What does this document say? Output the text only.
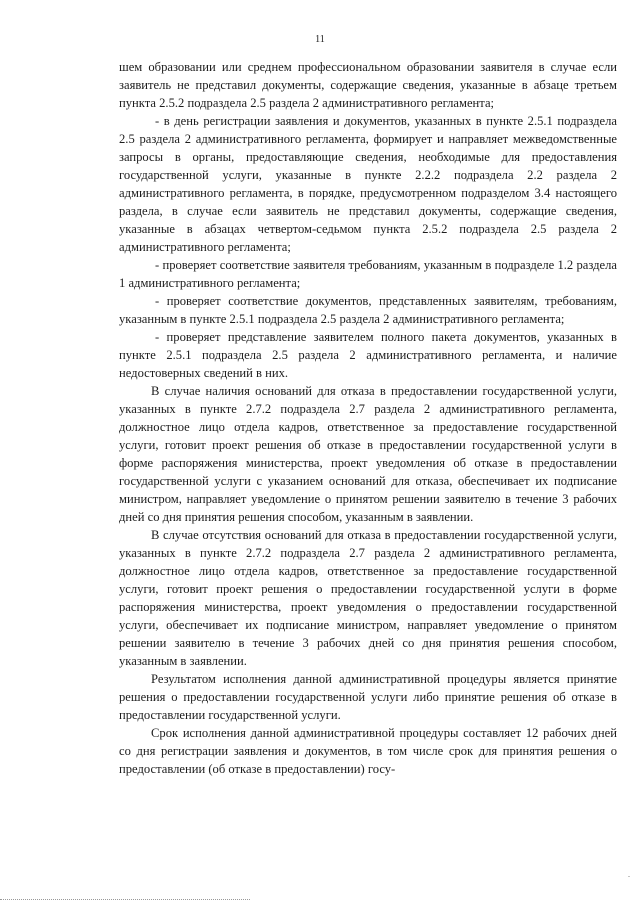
11

шем образовании или среднем профессиональном образовании заявителя в случае если заявитель не представил документы, содержащие сведения, указанные в абзаце третьем пункта 2.5.2 подраздела 2.5 раздела 2 административного регламента;

- в день регистрации заявления и документов, указанных в пункте 2.5.1 подраздела 2.5 раздела 2 административного регламента, формирует и направляет межведомственные запросы в органы, предоставляющие сведения, необходимые для предоставления государственной услуги, указанные в пункте 2.2.2 подраздела 2.2 раздела 2 административного регламента, в порядке, предусмотренном подразделом 3.4 настоящего раздела, в случае если заявитель не представил документы, содержащие сведения, указанные в абзацах четвертом-седьмом пункта 2.5.2 подраздела 2.5 раздела 2 административного регламента;

- проверяет соответствие заявителя требованиям, указанным в подразделе 1.2 раздела 1 административного регламента;

- проверяет соответствие документов, представленных заявителям, требованиям, указанным в пункте 2.5.1 подраздела 2.5 раздела 2 административного регламента;

- проверяет представление заявителем полного пакета документов, указанных в пункте 2.5.1 подраздела 2.5 раздела 2 административного регламента, и наличие недостоверных сведений в них.

В случае наличия оснований для отказа в предоставлении государственной услуги, указанных в пункте 2.7.2 подраздела 2.7 раздела 2 административного регламента, должностное лицо отдела кадров, ответственное за предоставление государственной услуги, готовит проект решения об отказе в предоставлении государственной услуги в форме распоряжения министерства, проект уведомления об отказе в предоставлении государственной услуги с указанием оснований для отказа, обеспечивает их подписание министром, направляет уведомление о принятом решении заявителю в течение 3 рабочих дней со дня принятия решения способом, указанным в заявлении.

В случае отсутствия оснований для отказа в предоставлении государственной услуги, указанных в пункте 2.7.2 подраздела 2.7 раздела 2 административного регламента, должностное лицо отдела кадров, ответственное за предоставление государственной услуги, готовит проект решения о предоставлении государственной услуги в форме распоряжения министерства, проект уведомления о предоставлении государственной услуги, обеспечивает их подписание министром, направляет уведомление о принятом решении заявителю в течение 3 рабочих дней со дня принятия решения способом, указанным в заявлении.

Результатом исполнения данной административной процедуры является принятие решения о предоставлении государственной услуги либо принятие решения об отказе в предоставлении государственной услуги.

Срок исполнения данной административной процедуры составляет 12 рабочих дней со дня регистрации заявления и документов, в том числе срок для принятия решения о предоставлении (об отказе в предоставлении) госу-

.
